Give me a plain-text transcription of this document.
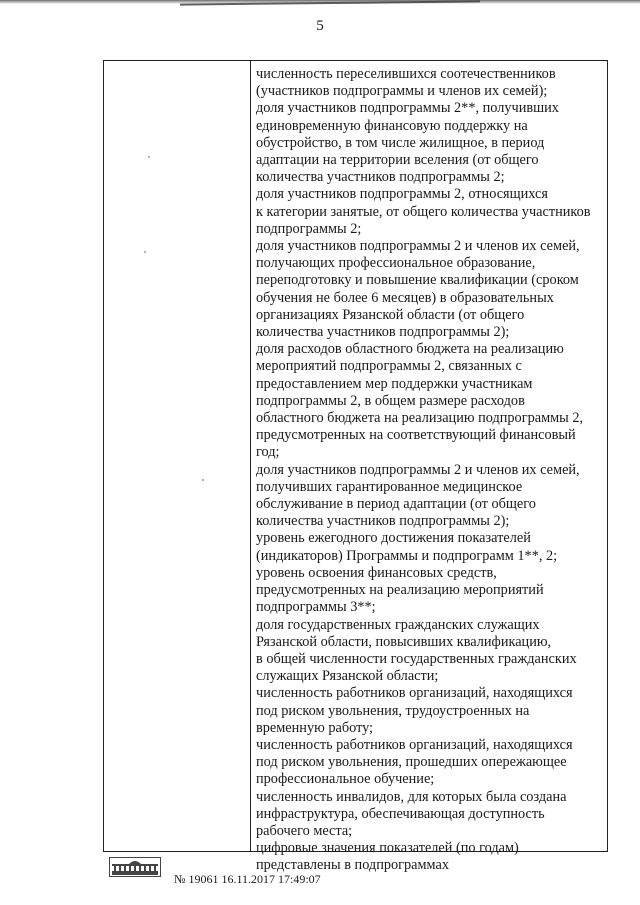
5
численность переселившихся соотечественников
(участников подпрограммы и членов их семей);
доля участников подпрограммы 2**, получивших
единовременную финансовую поддержку на
обустройство, в том числе жилищное, в период
адаптации на территории вселения (от общего
количества участников подпрограммы 2;
доля участников подпрограммы 2, относящихся
к категории занятые, от общего количества участников
подпрограммы 2;
доля участников подпрограммы 2 и членов их семей,
получающих профессиональное образование,
переподготовку и повышение квалификации (сроком
обучения не более 6 месяцев) в образовательных
организациях Рязанской области (от общего
количества участников подпрограммы 2);
доля расходов областного бюджета на реализацию
мероприятий подпрограммы 2, связанных с
предоставлением мер поддержки участникам
подпрограммы 2, в общем размере расходов
областного бюджета на реализацию подпрограммы 2,
предусмотренных на соответствующий финансовый
год;
доля участников подпрограммы 2 и членов их семей,
получивших гарантированное медицинское
обслуживание в период адаптации (от общего
количества участников подпрограммы 2);
уровень ежегодного достижения показателей
(индикаторов) Программы и подпрограмм 1**, 2;
уровень освоения финансовых средств,
предусмотренных на реализацию мероприятий
подпрограммы 3**;
доля государственных гражданских служащих
Рязанской области, повысивших квалификацию,
в общей численности государственных гражданских
служащих Рязанской области;
численность работников организаций, находящихся
под риском увольнения, трудоустроенных на
временную работу;
численность работников организаций, находящихся
под риском увольнения, прошедших опережающее
профессиональное обучение;
численность инвалидов, для которых была создана
инфраструктура, обеспечивающая доступность
рабочего места;
цифровые значения показателей (по годам)
представлены в подпрограммах
№ 19061 16.11.2017 17:49:07
